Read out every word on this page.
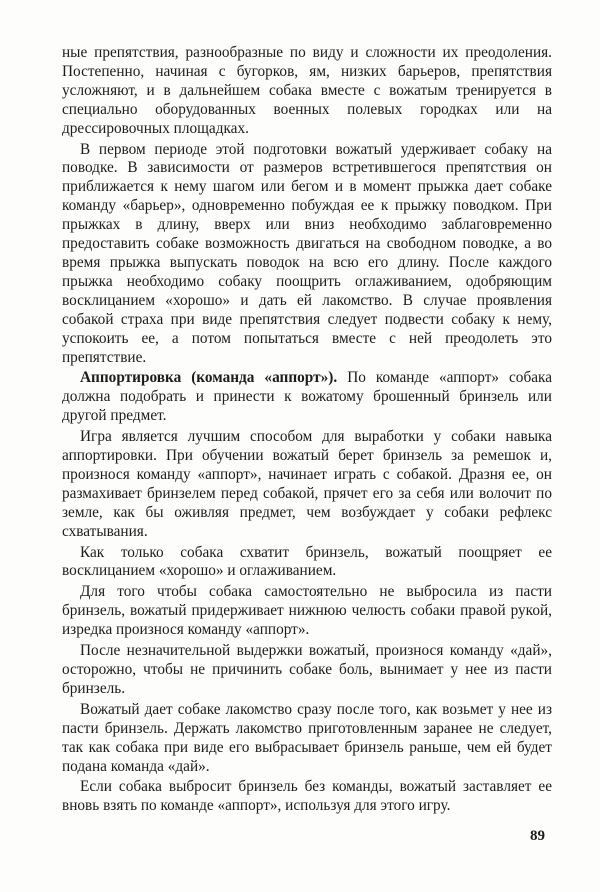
ные препятствия, разнообразные по виду и сложности их преодоления. Постепенно, начиная с бугорков, ям, низких барьеров, препятствия усложняют, и в дальнейшем собака вместе с вожатым тренируется в специально оборудованных военных полевых городках или на дрессировочных площадках.

В первом периоде этой подготовки вожатый удерживает собаку на поводке. В зависимости от размеров встретившегося препятствия он приближается к нему шагом или бегом и в момент прыжка дает собаке команду «барьер», одновременно побуждая ее к прыжку поводком. При прыжках в длину, вверх или вниз необходимо заблаговременно предоставить собаке возможность двигаться на свободном поводке, а во время прыжка выпускать поводок на всю его длину. После каждого прыжка необходимо собаку поощрить оглаживанием, одобряющим восклицанием «хорошо» и дать ей лакомство. В случае проявления собакой страха при виде препятствия следует подвести собаку к нему, успокоить ее, а потом попытаться вместе с ней преодолеть это препятствие.

Аппортировка (команда «аппорт»). По команде «аппорт» собака должна подобрать и принести к вожатому брошенный бринзель или другой предмет.

Игра является лучшим способом для выработки у собаки навыка аппортировки. При обучении вожатый берет бринзель за ремешок и, произнося команду «аппорт», начинает играть с собакой. Дразня ее, он размахивает бринзелем перед собакой, прячет его за себя или волочит по земле, как бы оживляя предмет, чем возбуждает у собаки рефлекс схватывания.

Как только собака схватит бринзель, вожатый поощряет ее восклицанием «хорошо» и оглаживанием.

Для того чтобы собака самостоятельно не выбросила из пасти бринзель, вожатый придерживает нижнюю челюсть собаки правой рукой, изредка произнося команду «аппорт».

После незначительной выдержки вожатый, произнося команду «дай», осторожно, чтобы не причинить собаке боль, вынимает у нее из пасти бринзель.

Вожатый дает собаке лакомство сразу после того, как возьмет у нее из пасти бринзель. Держать лакомство приготовленным заранее не следует, так как собака при виде его выбрасывает бринзель раньше, чем ей будет подана команда «дай».

Если собака выбросит бринзель без команды, вожатый заставляет ее вновь взять по команде «аппорт», используя для этого игру.

89
